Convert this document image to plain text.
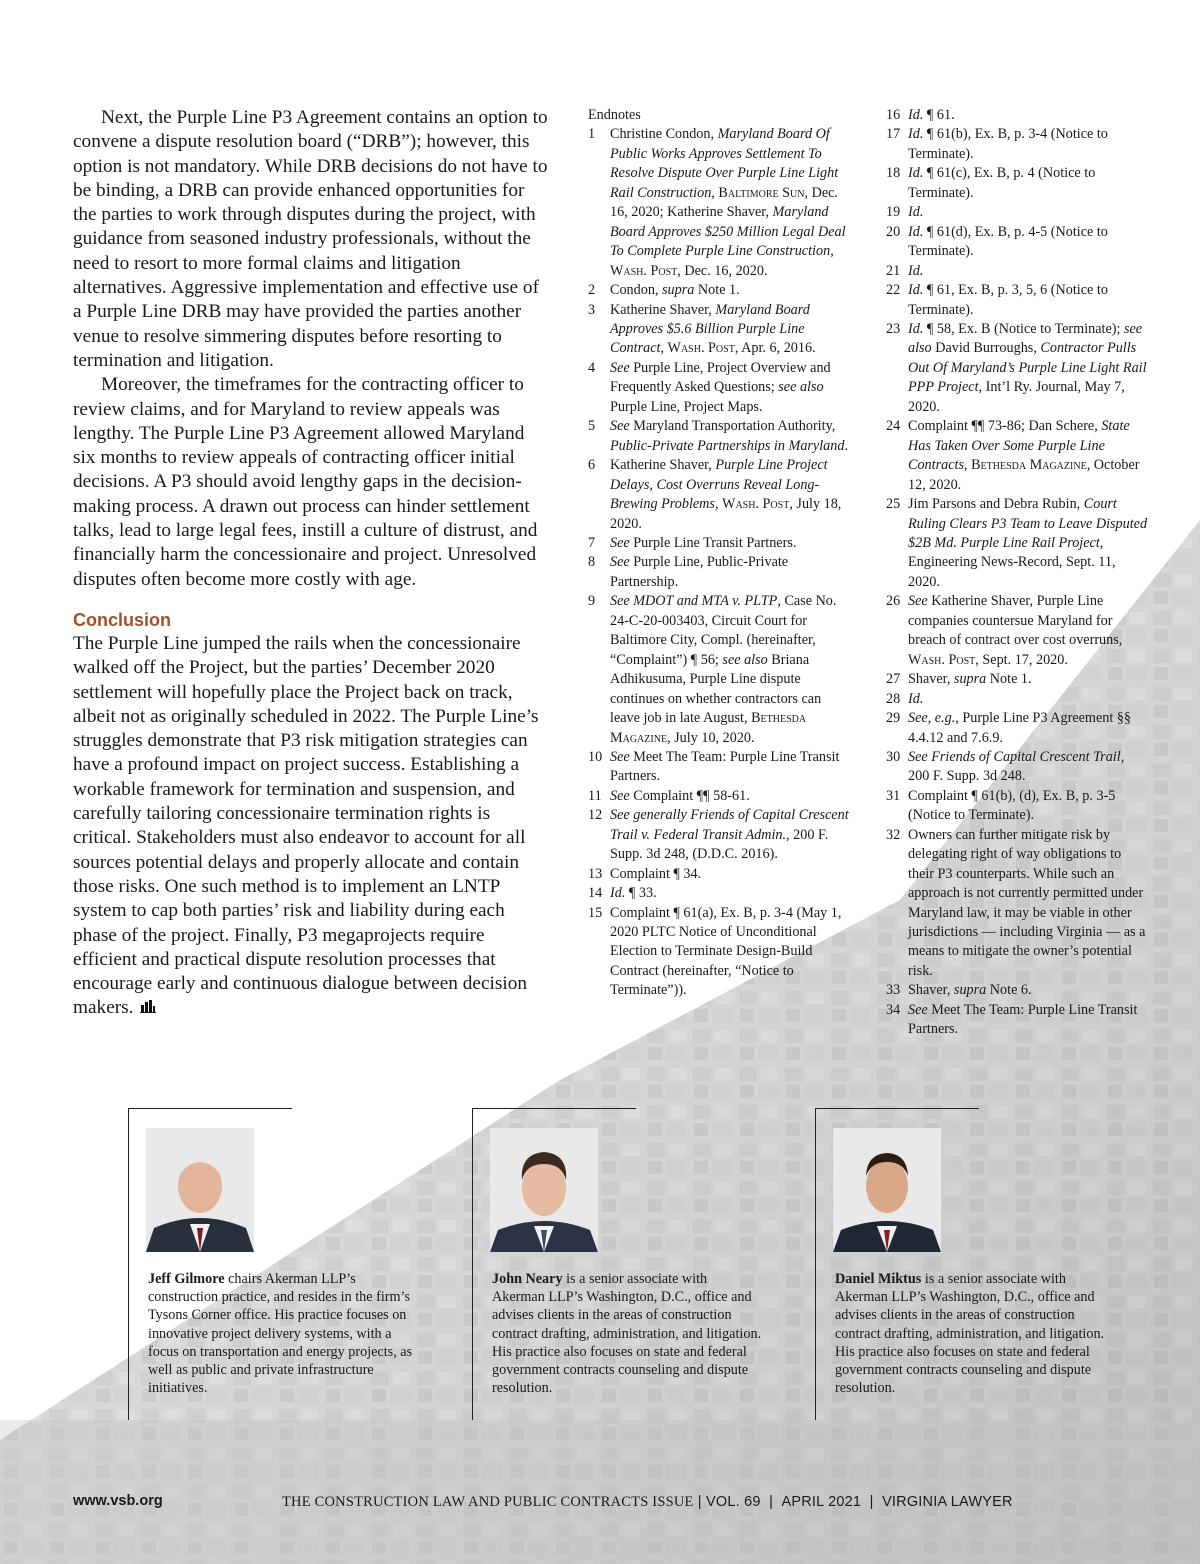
Next, the Purple Line P3 Agreement contains an option to convene a dispute resolution board (“DRB”); however, this option is not mandatory. While DRB decisions do not have to be binding, a DRB can provide enhanced opportunities for the parties to work through disputes during the project, with guidance from seasoned industry professionals, without the need to resort to more formal claims and litigation alternatives. Aggressive implementation and effective use of a Purple Line DRB may have provided the parties another venue to resolve simmering disputes before resorting to termination and litigation.

Moreover, the timeframes for the contracting officer to review claims, and for Maryland to review appeals was lengthy. The Purple Line P3 Agreement allowed Maryland six months to review appeals of contracting officer initial decisions. A P3 should avoid lengthy gaps in the decision-making process. A drawn out process can hinder settlement talks, lead to large legal fees, instill a culture of distrust, and financially harm the concessionaire and project. Unresolved disputes often become more costly with age.

Conclusion

The Purple Line jumped the rails when the concessionaire walked off the Project, but the parties’ December 2020 settlement will hopefully place the Project back on track, albeit not as originally scheduled in 2022. The Purple Line’s struggles demonstrate that P3 risk mitigation strategies can have a profound impact on project success. Establishing a workable framework for termination and suspension, and carefully tailoring concessionaire termination rights is critical. Stakeholders must also endeavor to account for all sources potential delays and properly allocate and contain those risks. One such method is to implement an LNTP system to cap both parties’ risk and liability during each phase of the project. Finally, P3 megaprojects require efficient and practical dispute resolution processes that encourage early and continuous dialogue between decision makers.

Endnotes

1	Christine Condon, Maryland Board Of Public Works Approves Settlement To Resolve Dispute Over Purple Line Light Rail Construction, Baltimore Sun, Dec. 16, 2020; Katherine Shaver, Maryland Board Approves $250 Million Legal Deal To Complete Purple Line Construction, Wash. Post, Dec. 16, 2020.
2	Condon, supra Note 1.
3	Katherine Shaver, Maryland Board Approves $5.6 Billion Purple Line Contract, Wash. Post, Apr. 6, 2016.
4	See Purple Line, Project Overview and Frequently Asked Questions; see also Purple Line, Project Maps.
5	See Maryland Transportation Authority, Public-Private Partnerships in Maryland.
6	Katherine Shaver, Purple Line Project Delays, Cost Overruns Reveal Long-Brewing Problems, Wash. Post, July 18, 2020.
7	See Purple Line Transit Partners.
8	See Purple Line, Public-Private Partnership.
9	See MDOT and MTA v. PLTP, Case No. 24-C-20-003403, Circuit Court for Baltimore City, Compl. (hereinafter, “Complaint”) ¶ 56; see also Briana Adhikusuma, Purple Line dispute continues on whether contractors can leave job in late August, Bethesda Magazine, July 10, 2020.
10 See Meet The Team: Purple Line Transit Partners.
11 See Complaint ¶¶ 58-61.
12 See generally Friends of Capital Crescent Trail v. Federal Transit Admin., 200 F. Supp. 3d 248, (D.D.C. 2016).
13 Complaint ¶ 34.
14 Id. ¶ 33.
15 Complaint ¶ 61(a), Ex. B, p. 3-4 (May 1, 2020 PLTC Notice of Unconditional Election to Terminate Design-Build Contract (hereinafter, “Notice to Terminate”)).
16 Id. ¶ 61.
17 Id. ¶ 61(b), Ex. B, p. 3-4 (Notice to Terminate).
18 Id. ¶ 61(c), Ex. B, p. 4 (Notice to Terminate).
19 Id.
20 Id. ¶ 61(d), Ex. B, p. 4-5 (Notice to Terminate).
21 Id.
22 Id. ¶ 61, Ex. B, p. 3, 5, 6 (Notice to Terminate).
23 Id. ¶ 58, Ex. B (Notice to Terminate); see also David Burroughs, Contractor Pulls Out Of Maryland’s Purple Line Light Rail PPP Project, Int’l Ry. Journal, May 7, 2020.
24 Complaint ¶¶ 73-86; Dan Schere, State Has Taken Over Some Purple Line Contracts, Bethesda Magazine, October 12, 2020.
25 Jim Parsons and Debra Rubin, Court Ruling Clears P3 Team to Leave Disputed $2B Md. Purple Line Rail Project, Engineering News-Record, Sept. 11, 2020.
26 See Katherine Shaver, Purple Line companies countersue Maryland for breach of contract over cost overruns, Wash. Post, Sept. 17, 2020.
27 Shaver, supra Note 1.
28 Id.
29 See, e.g., Purple Line P3 Agreement §§ 4.4.12 and 7.6.9.
30 See Friends of Capital Crescent Trail, 200 F. Supp. 3d 248.
31 Complaint ¶ 61(b), (d), Ex. B, p. 3-5 (Notice to Terminate).
32 Owners can further mitigate risk by delegating right of way obligations to their P3 counterparts. While such an approach is not currently permitted under Maryland law, it may be viable in other jurisdictions — including Virginia — as a means to mitigate the owner’s potential risk.
33 Shaver, supra Note 6.
34 See Meet The Team: Purple Line Transit Partners.
Jeff Gilmore chairs Akerman LLP’s construction practice, and resides in the firm’s Tysons Corner office. His practice focuses on innovative project delivery systems, with a focus on transportation and energy projects, as well as public and private infrastructure initiatives.
John Neary is a senior associate with Akerman LLP’s Washington, D.C., office and advises clients in the areas of construction contract drafting, administration, and litigation. His practice also focuses on state and federal government contracts counseling and dispute resolution.
Daniel Miktus is a senior associate with Akerman LLP’s Washington, D.C., office and advises clients in the areas of construction contract drafting, administration, and litigation. His practice also focuses on state and federal government contracts counseling and dispute resolution.
www.vsb.org	THE CONSTRUCTION LAW AND PUBLIC CONTRACTS ISSUE | VOL. 69  |  APRIL 2021  |  VIRGINIA LAWYER
